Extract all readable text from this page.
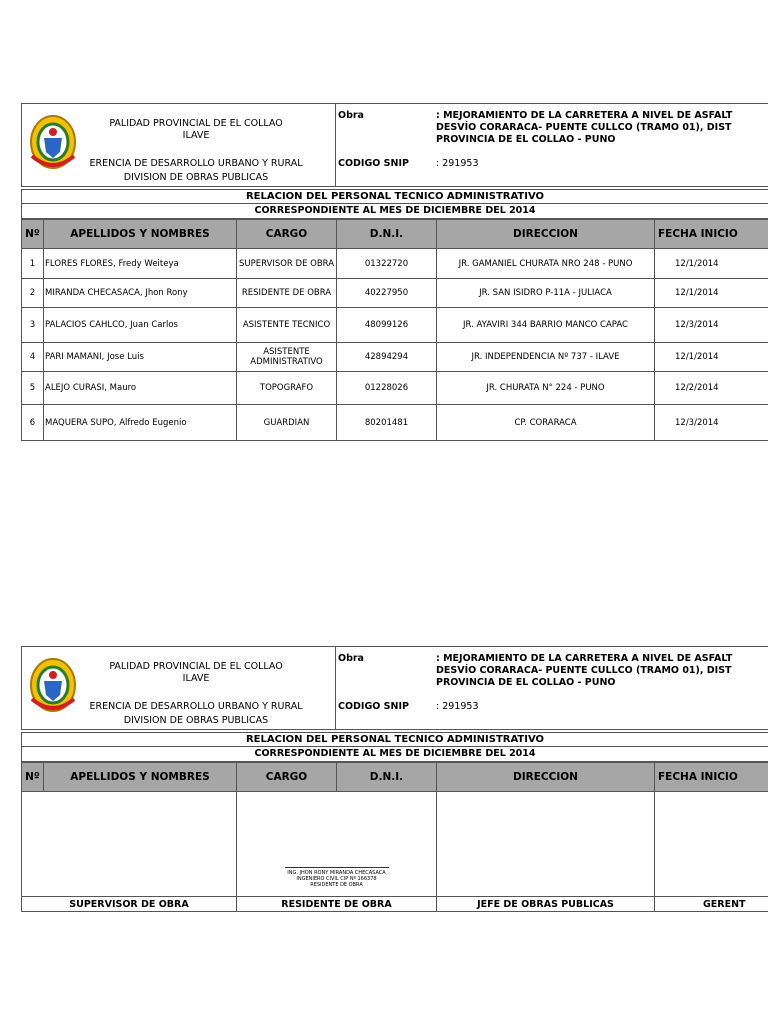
PALIDAD PROVINCIAL DE EL COLLAO
ILAVE
ERENCIA DE DESARROLLO URBANO Y RURAL
DIVISION DE OBRAS PUBLICAS
Obra	: MEJORAMIENTO DE LA CARRETERA A NIVEL DE ASFALT
DESVÍO CORARACA- PUENTE CULLCO (TRAMO 01), DIST
PROVINCIA DE EL COLLAO - PUNO
CODIGO SNIP	: 291953
RELACION DEL PERSONAL TECNICO ADMINISTRATIVO
CORRESPONDIENTE AL MES DE DICIEMBRE DEL 2014
Nº	APELLIDOS Y NOMBRES	CARGO	D.N.I.	DIRECCION	FECHA INICIO
1	FLORES FLORES, Fredy Weiteya	SUPERVISOR DE OBRA	01322720	JR. GAMANIEL CHURATA NRO 248 - PUNO	12/1/2014
2	MIRANDA CHECASACA, Jhon Rony	RESIDENTE DE OBRA	40227950	JR. SAN ISIDRO P-11A - JULIACA	12/1/2014
3	PALACIOS CAHLCO, Juan Carlos	ASISTENTE TECNICO	48099126	JR. AYAVIRI 344 BARRIO MANCO CAPAC	12/3/2014
4	PARI MAMANI, Jose Luis	ASISTENTE ADMINISTRATIVO	42894294	JR. INDEPENDENCIA Nº 737 - ILAVE	12/1/2014
5	ALEJO CURASI, Mauro	TOPOGRAFO	01228026	JR. CHURATA N° 224 - PUNO	12/2/2014
6	MAQUERA SUPO, Alfredo Eugenio	GUARDIAN	80201481	CP. CORARACA	12/3/2014
PALIDAD PROVINCIAL DE EL COLLAO
ILAVE
ERENCIA DE DESARROLLO URBANO Y RURAL
DIVISION DE OBRAS PUBLICAS
Obra	: MEJORAMIENTO DE LA CARRETERA A NIVEL DE ASFALT
DESVÍO CORARACA- PUENTE CULLCO (TRAMO 01), DIST
PROVINCIA DE EL COLLAO - PUNO
CODIGO SNIP	: 291953
RELACION DEL PERSONAL TECNICO ADMINISTRATIVO
CORRESPONDIENTE AL MES DE DICIEMBRE DEL 2014
Nº	APELLIDOS Y NOMBRES	CARGO	D.N.I.	DIRECCION	FECHA INICIO

		ING. JHON RONY MIRANDA CHECASACA
INGENIERO CIVIL CIP Nº 166378
RESIDENTE DE OBRA			

SUPERVISOR DE OBRA		RESIDENTE DE OBRA		JEFE DE OBRAS PUBLICAS	GERENT
